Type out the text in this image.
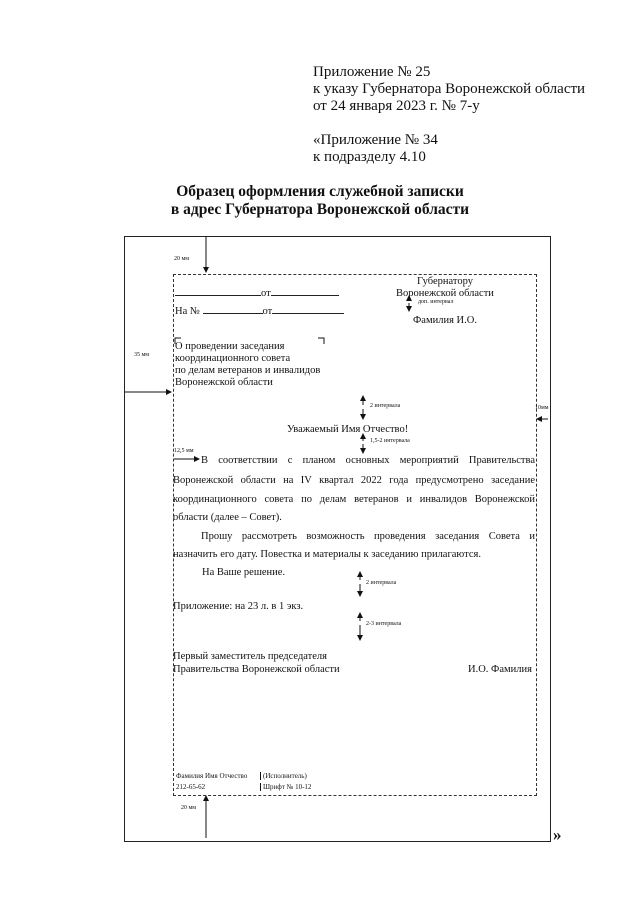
Приложение № 25
к указу Губернатора Воронежской области
от 24 января 2023 г. № 7-у
«Приложение № 34
к подразделу 4.10
Образец оформления служебной записки
в адрес Губернатора Воронежской области
20 мм
35 мм
10мм
20 мм
12,5 мм
Губернатору
Воронежской области
доп. интервал
Фамилия И.О.
от
На №	от
О проведении заседания
координационного совета
по делам ветеранов и инвалидов
Воронежской области
2 интервала
1,5-2 интервала
2 интервала
2-3 интервала
Уважаемый Имя Отчество!
В соответствии с планом основных мероприятий Правительства
Воронежской области на IV квартал 2022 года предусмотрено заседание
координационного совета по делам ветеранов и инвалидов Воронежской
области (далее – Совет).
Прошу рассмотреть возможность проведения заседания Совета и
назначить его дату. Повестка и материалы к заседанию прилагаются.
На Ваше решение.
Приложение: на 23 л. в 1 экз.
Первый заместитель председателя
Правительства Воронежской области	И.О. Фамилия
Фамилия Имя Отчество
212-65-62
(Исполнитель)
Шрифт № 10-12
»
